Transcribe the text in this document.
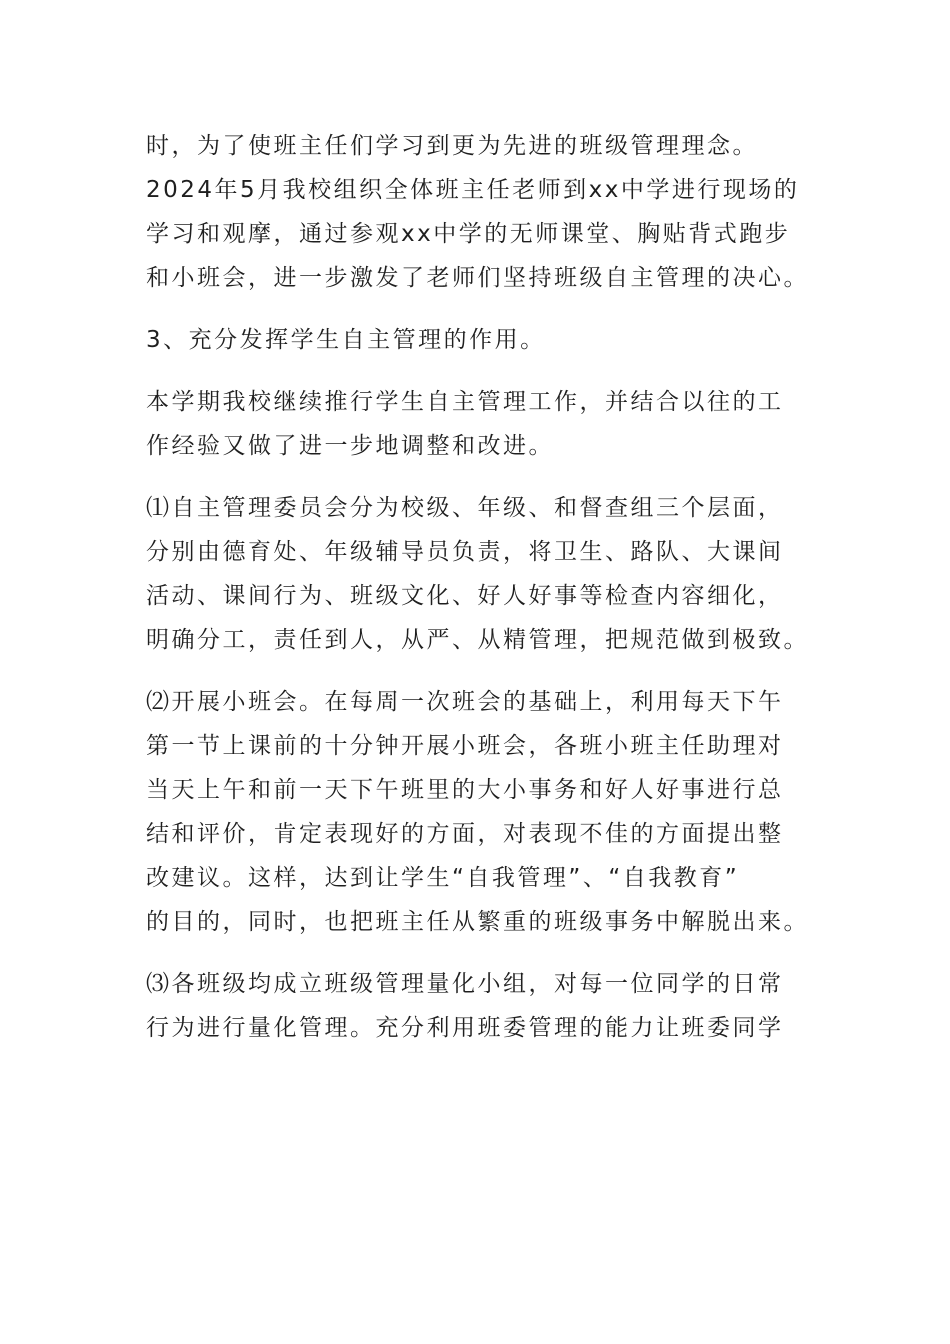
时，为了使班主任们学习到更为先进的班级管理理念。
2024年5月我校组织全体班主任老师到xx中学进行现场的
学习和观摩，通过参观xx中学的无师课堂、胸贴背式跑步
和小班会，进一步激发了老师们坚持班级自主管理的决心。
3、充分发挥学生自主管理的作用。
本学期我校继续推行学生自主管理工作，并结合以往的工
作经验又做了进一步地调整和改进。
⑴自主管理委员会分为校级、年级、和督查组三个层面，
分别由德育处、年级辅导员负责，将卫生、路队、大课间
活动、课间行为、班级文化、好人好事等检查内容细化，
明确分工，责任到人，从严、从精管理，把规范做到极致。
⑵开展小班会。在每周一次班会的基础上，利用每天下午
第一节上课前的十分钟开展小班会，各班小班主任助理对
当天上午和前一天下午班里的大小事务和好人好事进行总
结和评价，肯定表现好的方面，对表现不佳的方面提出整
改建议。这样，达到让学生“自我管理”、“自我教育”
的目的，同时，也把班主任从繁重的班级事务中解脱出来。
⑶各班级均成立班级管理量化小组，对每一位同学的日常
行为进行量化管理。充分利用班委管理的能力让班委同学
